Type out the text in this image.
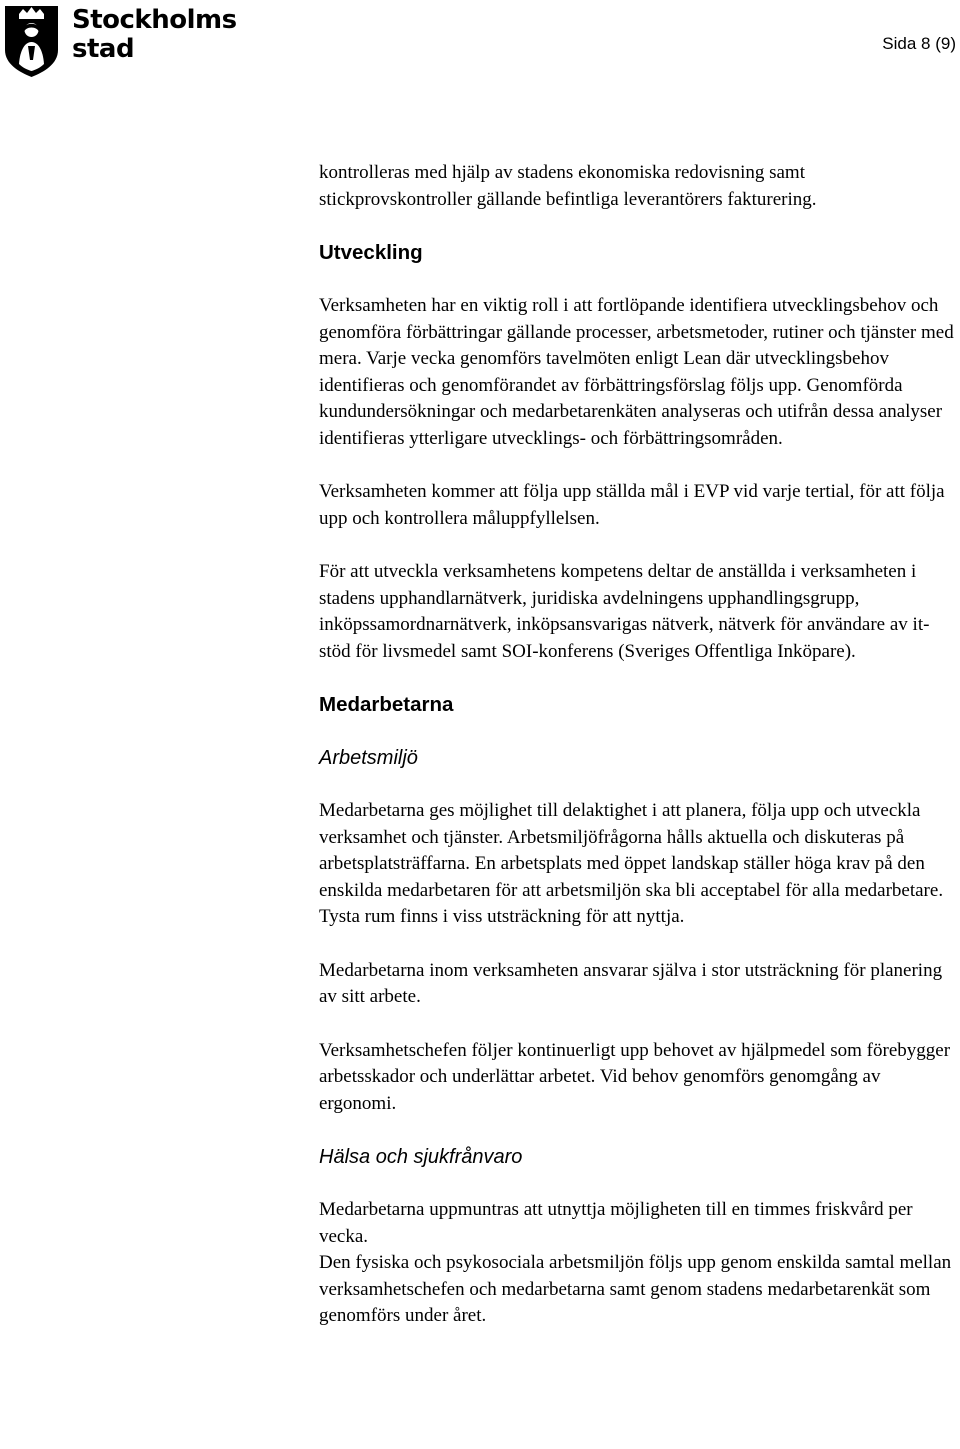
Stockholms
stad	Sida 8 (9)

kontrolleras med hjälp av stadens ekonomiska redovisning samt stickprovskontroller gällande befintliga leverantörers fakturering.

Utveckling

Verksamheten har en viktig roll i att fortlöpande identifiera utvecklingsbehov och genomföra förbättringar gällande processer, arbetsmetoder, rutiner och tjänster med mera. Varje vecka genomförs tavelmöten enligt Lean där utvecklingsbehov identifieras och genomförandet av förbättringsförslag följs upp. Genomförda kundundersökningar och medarbetarenkäten analyseras och utifrån dessa analyser identifieras ytterligare utvecklings- och förbättringsområden.

Verksamheten kommer att följa upp ställda mål i EVP vid varje tertial, för att följa upp och kontrollera måluppfyllelsen.

För att utveckla verksamhetens kompetens deltar de anställda i verksamheten i stadens upphandlarnätverk, juridiska avdelningens upphandlingsgrupp, inköpssamordnarnätverk, inköpsansvarigas nätverk, nätverk för användare av it-stöd för livsmedel samt SOI-konferens (Sveriges Offentliga Inköpare).

Medarbetarna
Arbetsmiljö

Medarbetarna ges möjlighet till delaktighet i att planera, följa upp och utveckla verksamhet och tjänster. Arbetsmiljöfrågorna hålls aktuella och diskuteras på arbetsplatsträffarna. En arbetsplats med öppet landskap ställer höga krav på den enskilda medarbetaren för att arbetsmiljön ska bli acceptabel för alla medarbetare. Tysta rum finns i viss utsträckning för att nyttja.

Medarbetarna inom verksamheten ansvarar själva i stor utsträckning för planering av sitt arbete.

Verksamhetschefen följer kontinuerligt upp behovet av hjälpmedel som förebygger arbetsskador och underlättar arbetet. Vid behov genomförs genomgång av ergonomi.

Hälsa och sjukfrånvaro

Medarbetarna uppmuntras att utnyttja möjligheten till en timmes friskvård per vecka.

Den fysiska och psykosociala arbetsmiljön följs upp genom enskilda samtal mellan verksamhetschefen och medarbetarna samt genom stadens medarbetarenkät som genomförs under året.
